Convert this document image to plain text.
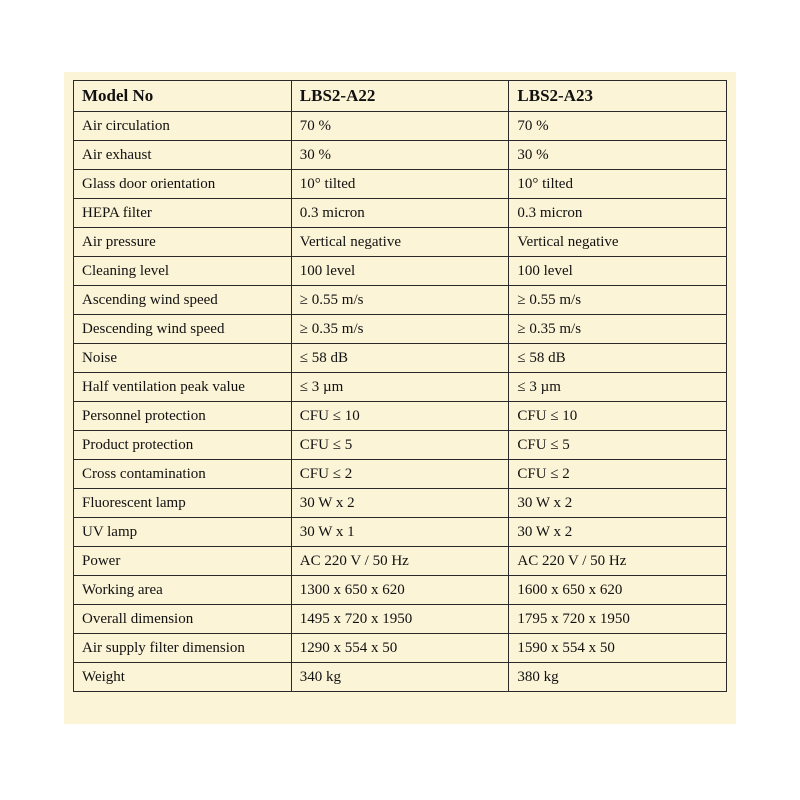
Model No	LBS2-A22	LBS2-A23
Air circulation	70 %	70 %
Air exhaust	30 %	30 %
Glass door orientation	10° tilted	10° tilted
HEPA filter	0.3 micron	0.3 micron
Air pressure	Vertical negative	Vertical negative
Cleaning level	100 level	100 level
Ascending wind speed	≥ 0.55 m/s	≥ 0.55 m/s
Descending wind speed	≥ 0.35 m/s	≥ 0.35 m/s
Noise	≤ 58 dB	≤ 58 dB
Half ventilation peak value	≤ 3 µm	≤ 3 µm
Personnel protection	CFU ≤ 10	CFU ≤ 10
Product protection	CFU ≤ 5	CFU ≤ 5
Cross contamination	CFU ≤ 2	CFU ≤ 2
Fluorescent lamp	30 W x 2	30 W x 2
UV lamp	30 W x 1	30 W x 2
Power	AC 220 V / 50 Hz	AC 220 V / 50 Hz
Working area	1300 x 650 x 620	1600 x 650 x 620
Overall dimension	1495 x 720 x 1950	1795 x 720 x 1950
Air supply filter dimension	1290 x 554 x 50	1590 x 554 x 50
Weight	340 kg	380 kg
